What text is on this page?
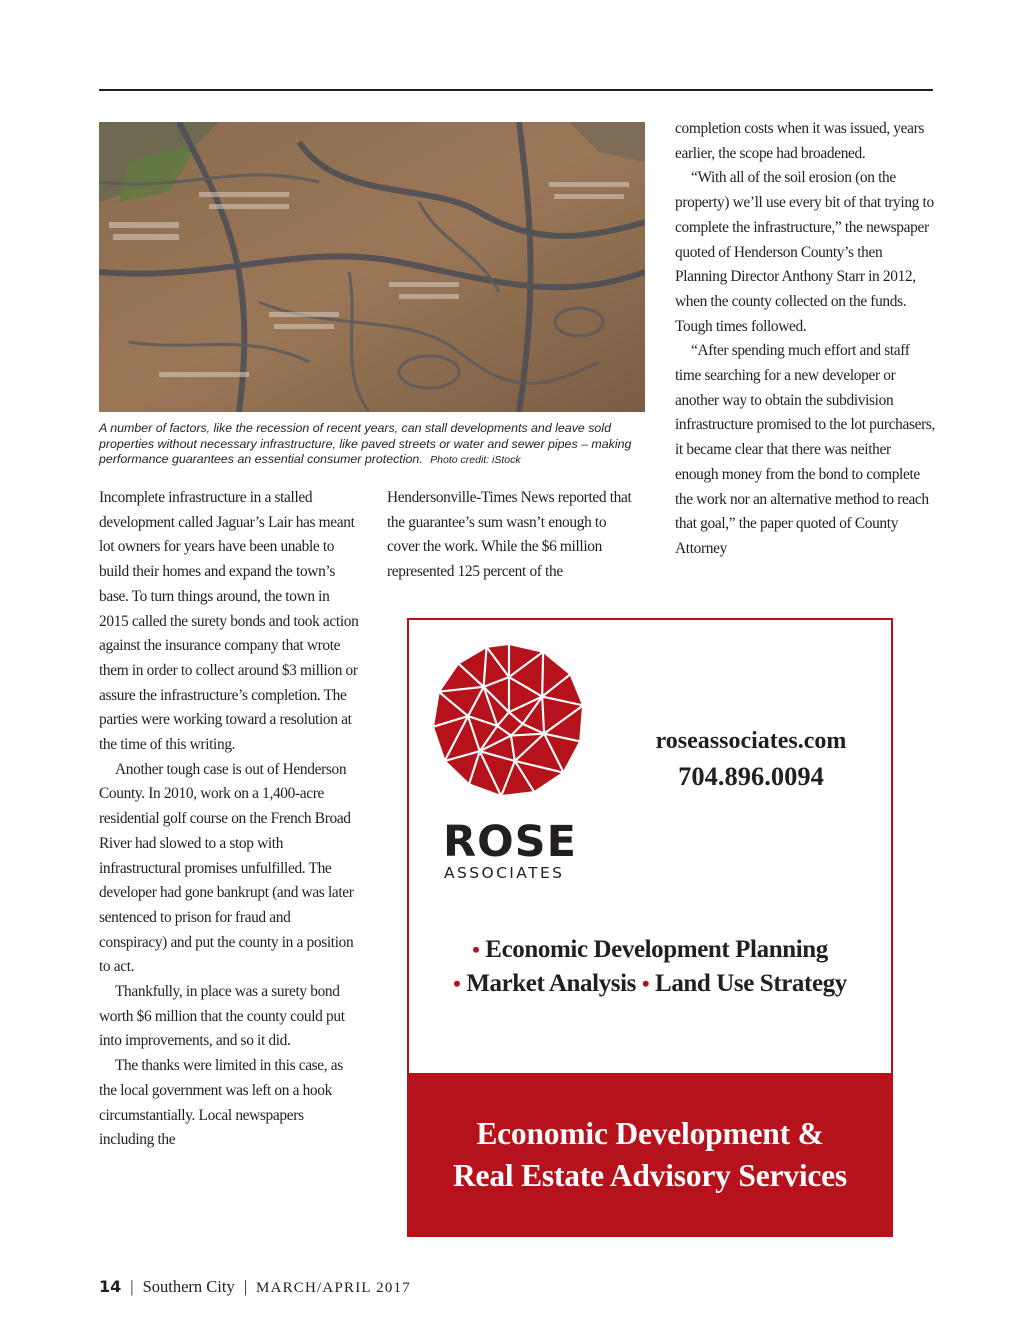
A number of factors, like the recession of recent years, can stall developments and leave sold properties without necessary infrastructure, like paved streets or water and sewer pipes – making performance guarantees an essential consumer protection. Photo credit: iStock

Incomplete infrastructure in a stalled development called Jaguar’s Lair has meant lot owners for years have been unable to build their homes and expand the town’s base. To turn things around, the town in 2015 called the surety bonds and took action against the insurance company that wrote them in order to collect around $3 million or assure the infrastructure’s completion. The parties were working toward a resolution at the time of this writing.

Another tough case is out of Henderson County. In 2010, work on a 1,400-acre residential golf course on the French Broad River had slowed to a stop with infrastructural promises unfulfilled. The developer had gone bankrupt (and was later sentenced to prison for fraud and conspiracy) and put the county in a position to act.

Thankfully, in place was a surety bond worth $6 million that the county could put into improvements, and so it did.

The thanks were limited in this case, as the local government was left on a hook circumstantially. Local newspapers including the

Hendersonville-Times News reported that the guarantee’s sum wasn’t enough to cover the work. While the $6 million represented 125 percent of the

completion costs when it was issued, years earlier, the scope had broadened.

“With all of the soil erosion (on the property) we’ll use every bit of that trying to complete the infrastructure,” the newspaper quoted of Henderson County’s then Planning Director Anthony Starr in 2012, when the county collected on the funds. Tough times followed.

“After spending much effort and staff time searching for a new developer or another way to obtain the subdivision infrastructure promised to the lot purchasers, it became clear that there was neither enough money from the bond to complete the work nor an alternative method to reach that goal,” the paper quoted of County Attorney

ROSE
ASSOCIATES
roseassociates.com
704.896.0094
• Economic Development Planning
• Market Analysis • Land Use Strategy
Economic Development &
Real Estate Advisory Services
14 | Southern City | MARCH/APRIL 2017
